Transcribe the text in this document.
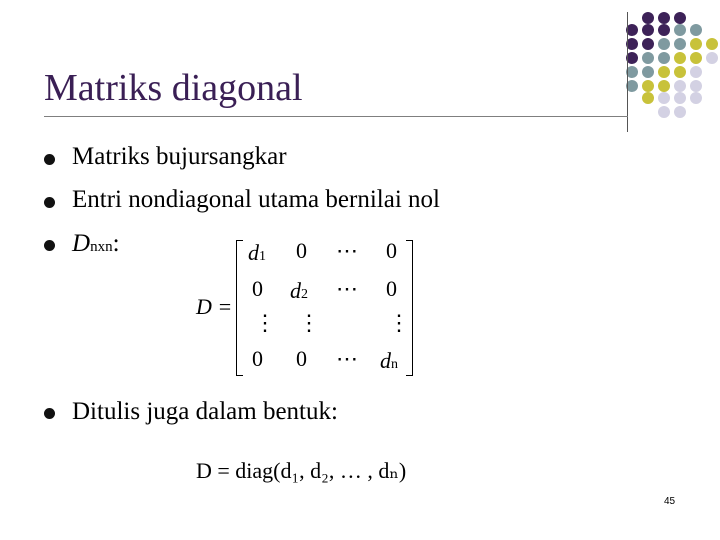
Matriks diagonal
Matriks bujursangkar
Entri nondiagonal utama bernilai nol
Dnxn:
D =
d1 0 ⋯ 0
0 d2 ⋯ 0
⋮ ⋮	⋮
0 0 ⋯ dn
Ditulis juga dalam bentuk:
D = diag(d₁, d₂, … , dₙ)
45
